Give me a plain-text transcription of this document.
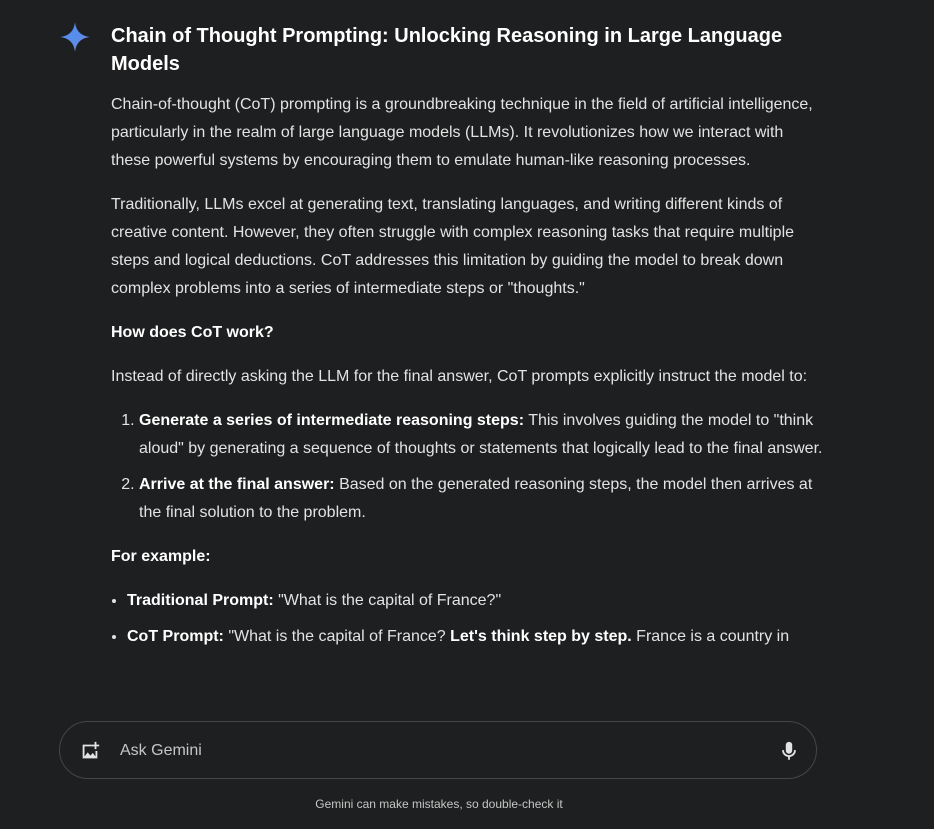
Chain of Thought Prompting: Unlocking Reasoning in Large Language Models

Chain-of-thought (CoT) prompting is a groundbreaking technique in the field of artificial intelligence, particularly in the realm of large language models (LLMs). It revolutionizes how we interact with these powerful systems by encouraging them to emulate human-like reasoning processes.

Traditionally, LLMs excel at generating text, translating languages, and writing different kinds of creative content. However, they often struggle with complex reasoning tasks that require multiple steps and logical deductions. CoT addresses this limitation by guiding the model to break down complex problems into a series of intermediate steps or "thoughts."

How does CoT work?

Instead of directly asking the LLM for the final answer, CoT prompts explicitly instruct the model to:

1. Generate a series of intermediate reasoning steps: This involves guiding the model to "think aloud" by generating a sequence of thoughts or statements that logically lead to the final answer.
2. Arrive at the final answer: Based on the generated reasoning steps, the model then arrives at the final solution to the problem.

For example:

• Traditional Prompt: "What is the capital of France?"
• CoT Prompt: "What is the capital of France? Let's think step by step. France is a country in
Ask Gemini
Gemini can make mistakes, so double-check it
